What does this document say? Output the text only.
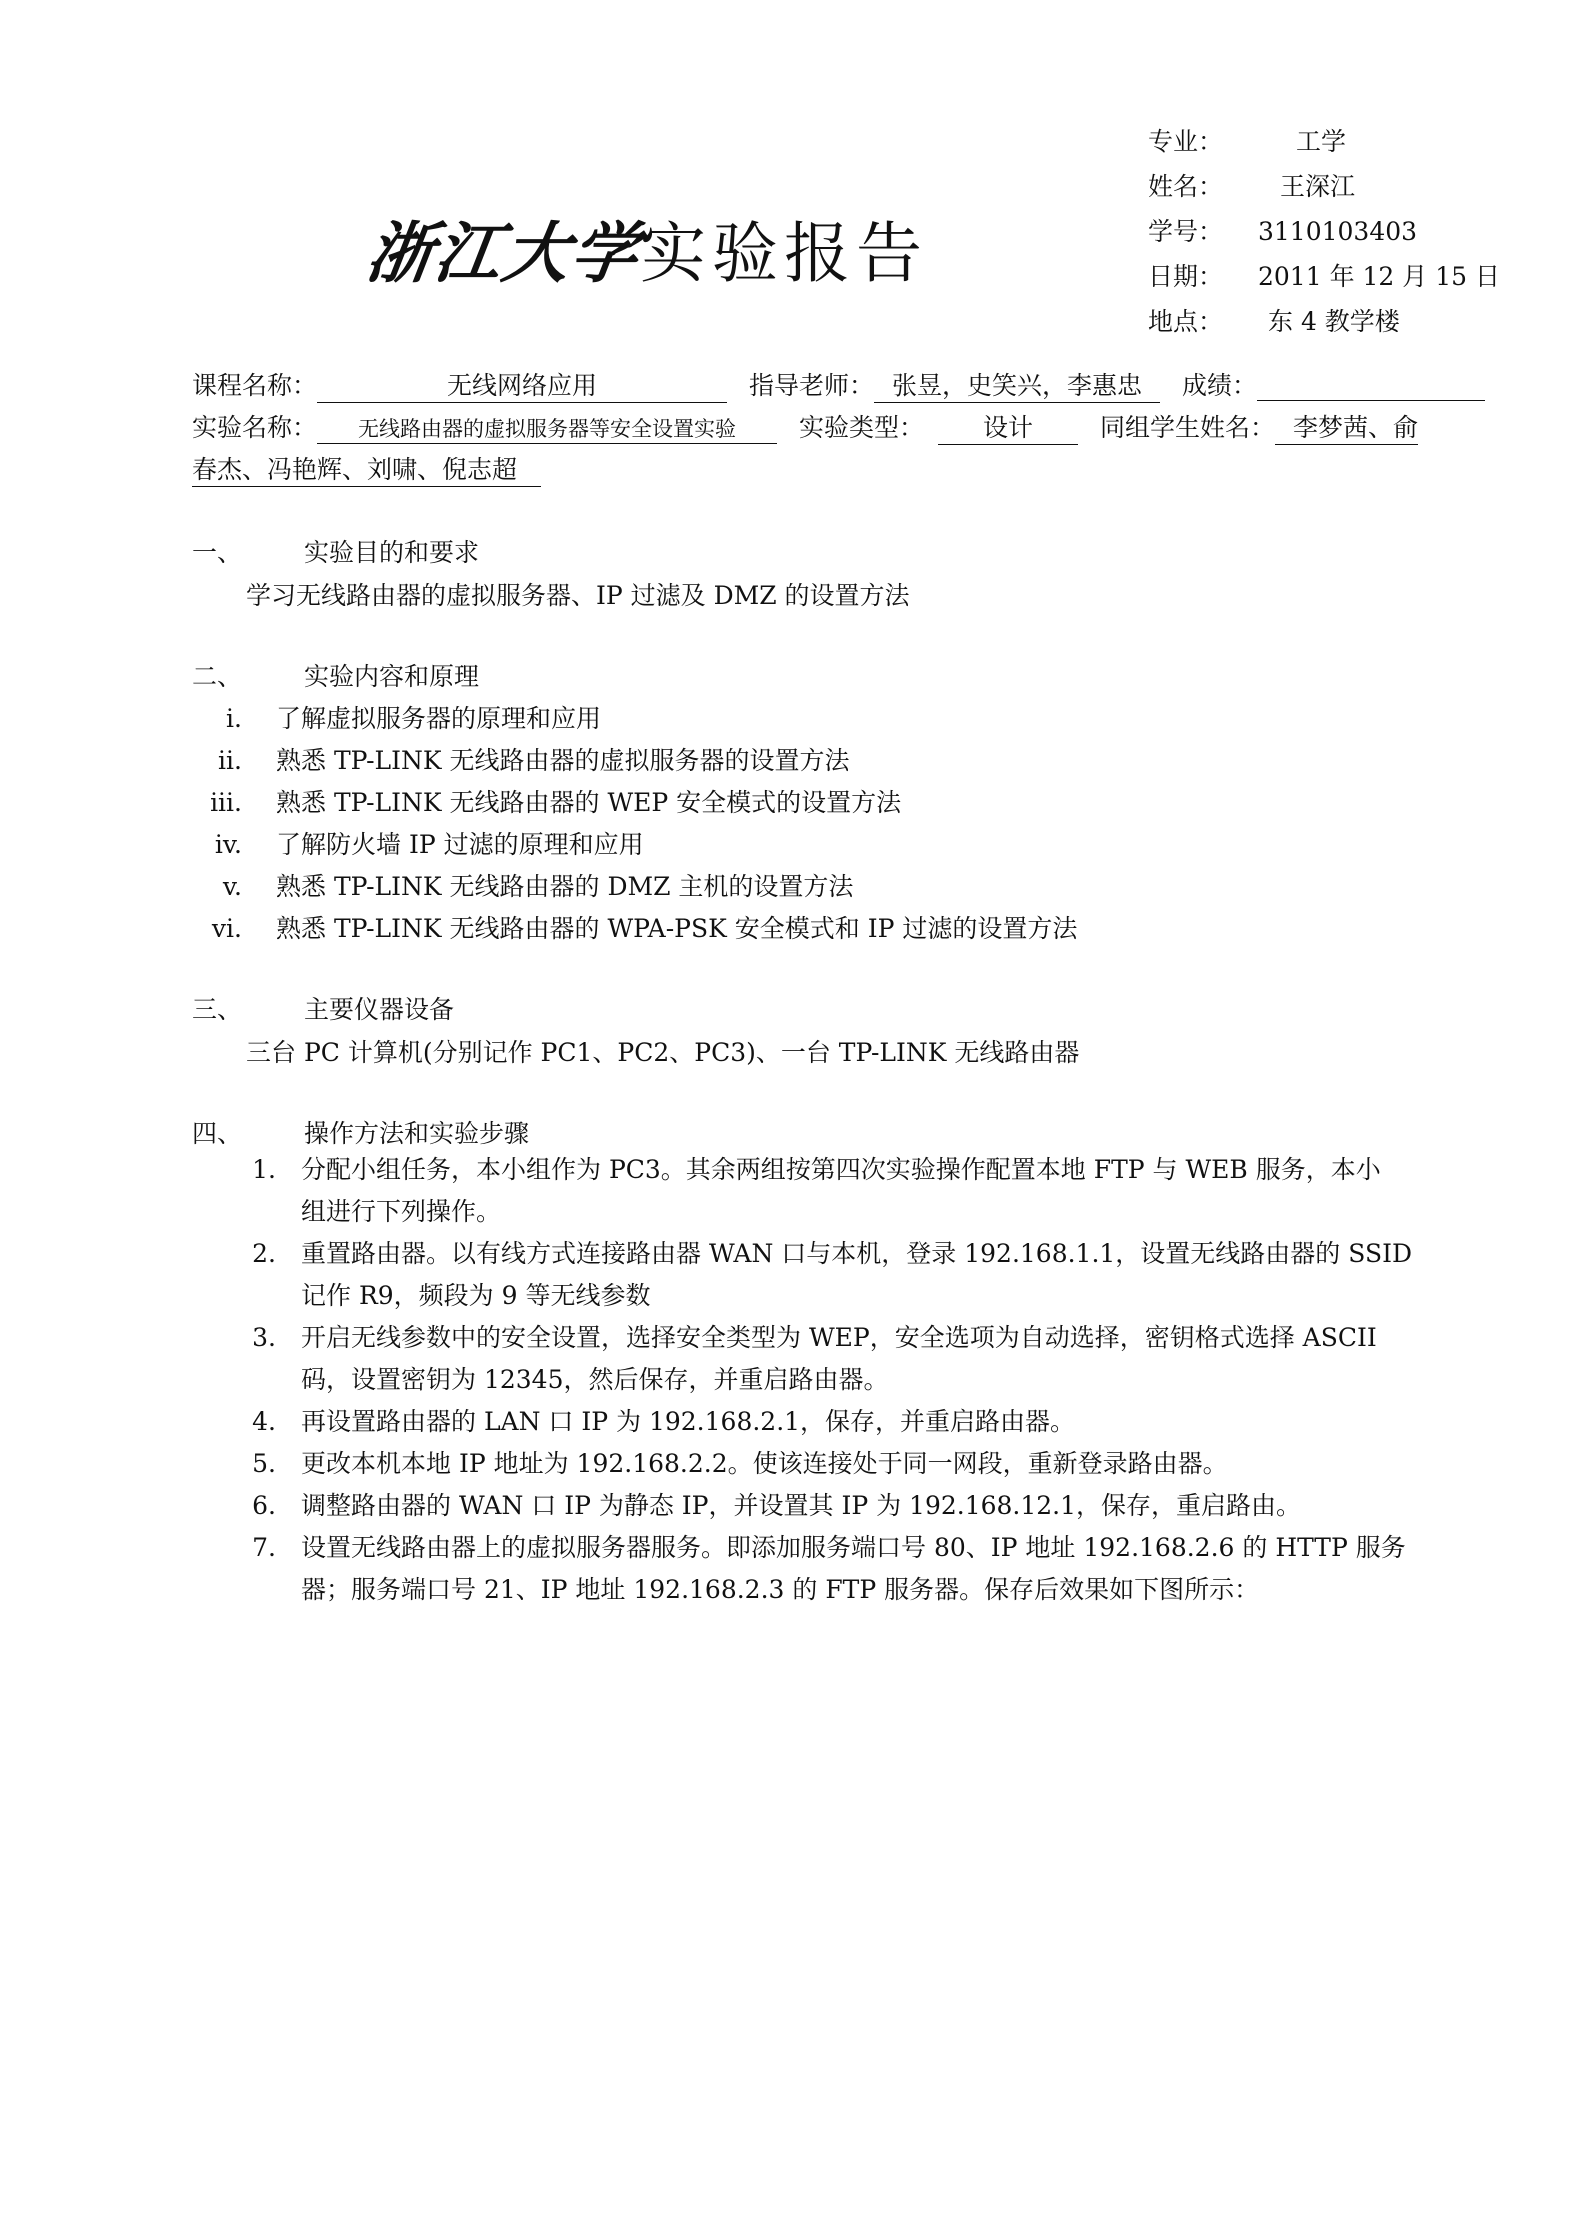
专业：	工学
姓名： 王深江
学号： 3110103403
日期： 2011 年 12 月 15 日
地点： 东 4 教学楼
浙江大学实验报告
课程名称：	无线网络应用	指导老师： 张昱，史笑兴，李惠忠 成绩：
实验名称： 无线路由器的虚拟服务器等安全设置实验	实验类型： 设计	同组学生姓名： 李梦茜、俞
春杰、冯艳辉、刘啸、倪志超
一、 实验目的和要求
学习无线路由器的虚拟服务器、IP 过滤及 DMZ 的设置方法
二、 实验内容和原理
i. 了解虚拟服务器的原理和应用
ii. 熟悉 TP-LINK 无线路由器的虚拟服务器的设置方法
iii. 熟悉 TP-LINK 无线路由器的 WEP 安全模式的设置方法
iv. 了解防火墙 IP 过滤的原理和应用
v. 熟悉 TP-LINK 无线路由器的 DMZ 主机的设置方法
vi. 熟悉 TP-LINK 无线路由器的 WPA-PSK 安全模式和 IP 过滤的设置方法
三、 主要仪器设备
三台 PC 计算机(分别记作 PC1、PC2、PC3)、一台 TP-LINK 无线路由器
四、 操作方法和实验步骤
1. 分配小组任务，本小组作为 PC3。其余两组按第四次实验操作配置本地 FTP 与 WEB 服务，本小
组进行下列操作。
2. 重置路由器。以有线方式连接路由器 WAN 口与本机，登录 192.168.1.1，设置无线路由器的 SSID
记作 R9，频段为 9 等无线参数
3. 开启无线参数中的安全设置，选择安全类型为 WEP，安全选项为自动选择，密钥格式选择 ASCII
码，设置密钥为 12345，然后保存，并重启路由器。
4. 再设置路由器的 LAN 口 IP 为 192.168.2.1，保存，并重启路由器。
5. 更改本机本地 IP 地址为 192.168.2.2。使该连接处于同一网段，重新登录路由器。
6. 调整路由器的 WAN 口 IP 为静态 IP，并设置其 IP 为 192.168.12.1，保存，重启路由。
7. 设置无线路由器上的虚拟服务器服务。即添加服务端口号 80、IP 地址 192.168.2.6 的 HTTP 服务
器；服务端口号 21、IP 地址 192.168.2.3 的 FTP 服务器。保存后效果如下图所示：
